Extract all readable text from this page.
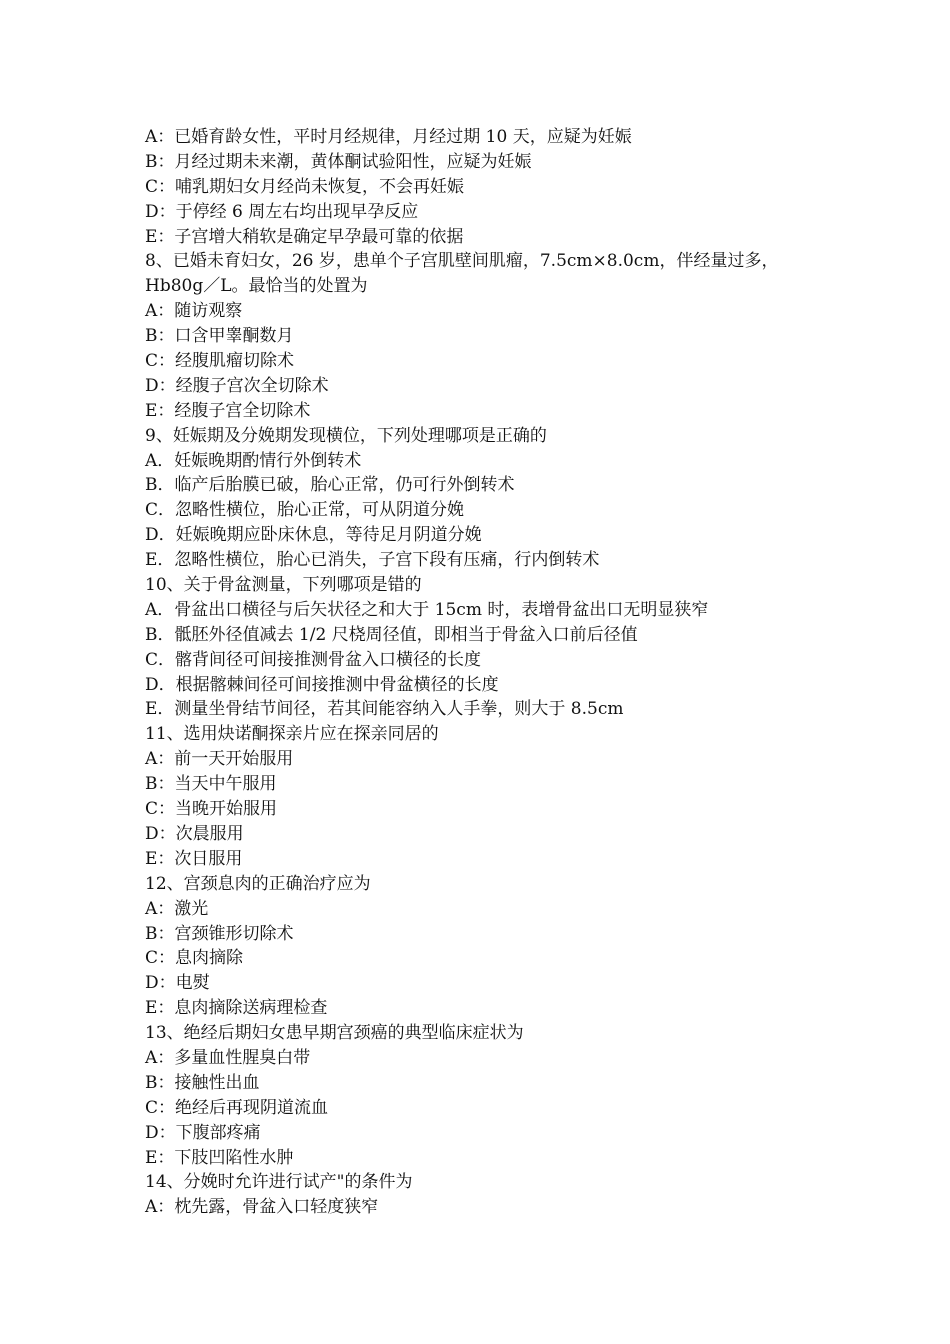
A：已婚育龄女性，平时月经规律，月经过期 10 天，应疑为妊娠
B：月经过期未来潮，黄体酮试验阳性，应疑为妊娠
C：哺乳期妇女月经尚未恢复，不会再妊娠
D：于停经 6 周左右均出现早孕反应
E：子宫增大稍软是确定早孕最可靠的依据
8、已婚未育妇女，26 岁，患单个子宫肌壁间肌瘤，7.5cm×8.0cm，伴经量过多，
Hb80g／L。最恰当的处置为
A：随访观察
B：口含甲睾酮数月
C：经腹肌瘤切除术
D：经腹子宫次全切除术
E：经腹子宫全切除术
9、妊娠期及分娩期发现横位，下列处理哪项是正确的
A．妊娠晚期酌情行外倒转术
B．临产后胎膜已破，胎心正常，仍可行外倒转术
C．忽略性横位，胎心正常，可从阴道分娩
D．妊娠晚期应卧床休息，等待足月阴道分娩
E．忽略性横位，胎心已消失，子宫下段有压痛，行内倒转术
10、关于骨盆测量，下列哪项是错的
A．骨盆出口横径与后矢状径之和大于 15cm 时，表增骨盆出口无明显狭窄
B．骶胚外径值减去 1/2 尺桡周径值，即相当于骨盆入口前后径值
C．髂背间径可间接推测骨盆入口横径的长度
D．根据髂棘间径可间接推测中骨盆横径的长度
E．测量坐骨结节间径，若其间能容纳入人手拳，则大于 8.5cm
11、选用炔诺酮探亲片应在探亲同居的
A：前一天开始服用
B：当天中午服用
C：当晚开始服用
D：次晨服用
E：次日服用
12、宫颈息肉的正确治疗应为
A：激光
B：宫颈锥形切除术
C：息肉摘除
D：电熨
E：息肉摘除送病理检查
13、绝经后期妇女患早期宫颈癌的典型临床症状为
A：多量血性腥臭白带
B：接触性出血
C：绝经后再现阴道流血
D：下腹部疼痛
E：下肢凹陷性水肿
14、分娩时允许进行试产"的条件为
A：枕先露，骨盆入口轻度狭窄
